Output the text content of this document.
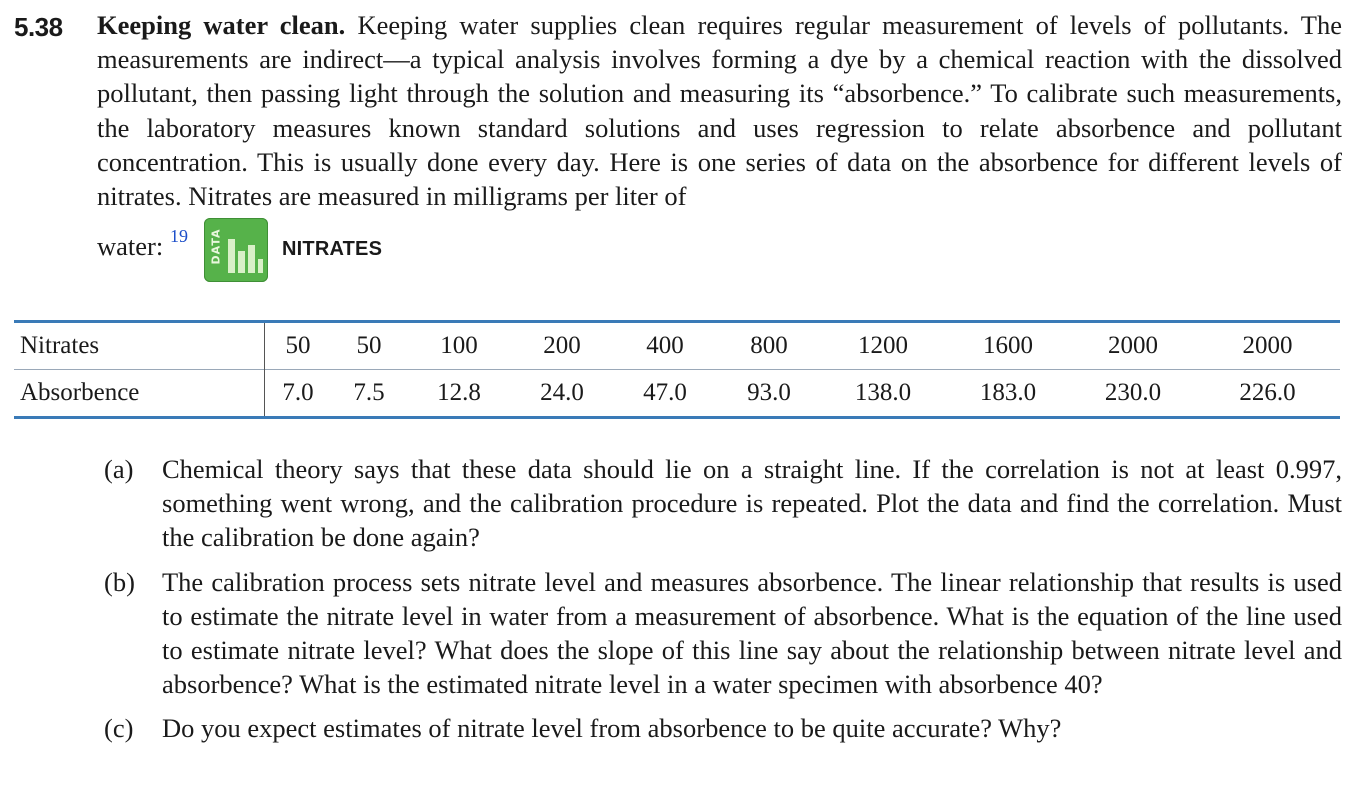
5.38 Keeping water clean. Keeping water supplies clean requires regular measurement of levels of pollutants. The measurements are indirect—a typical analysis involves forming a dye by a chemical reaction with the dissolved pollutant, then passing light through the solution and measuring its “absorbence.” To calibrate such measurements, the laboratory measures known standard solutions and uses regression to relate absorbence and pollutant concentration. This is usually done every day. Here is one series of data on the absorbence for different levels of nitrates. Nitrates are measured in milligrams per liter of

water: 19 DATA	NITRATES
Nitrates	50	50	100	200	400	800	1200	1600	2000	2000
Absorbence	7.0	7.5	12.8	24.0	47.0	93.0	138.0	183.0	230.0	226.0
(a) Chemical theory says that these data should lie on a straight line. If the correlation is not at least 0.997, something went wrong, and the calibration procedure is repeated. Plot the data and find the correlation. Must the calibration be done again?
(b) The calibration process sets nitrate level and measures absorbence. The linear relationship that results is used to estimate the nitrate level in water from a measurement of absorbence. What is the equation of the line used to estimate nitrate level? What does the slope of this line say about the relationship between nitrate level and absorbence? What is the estimated nitrate level in a water specimen with absorbence 40?
(c) Do you expect estimates of nitrate level from absorbence to be quite accurate? Why?
